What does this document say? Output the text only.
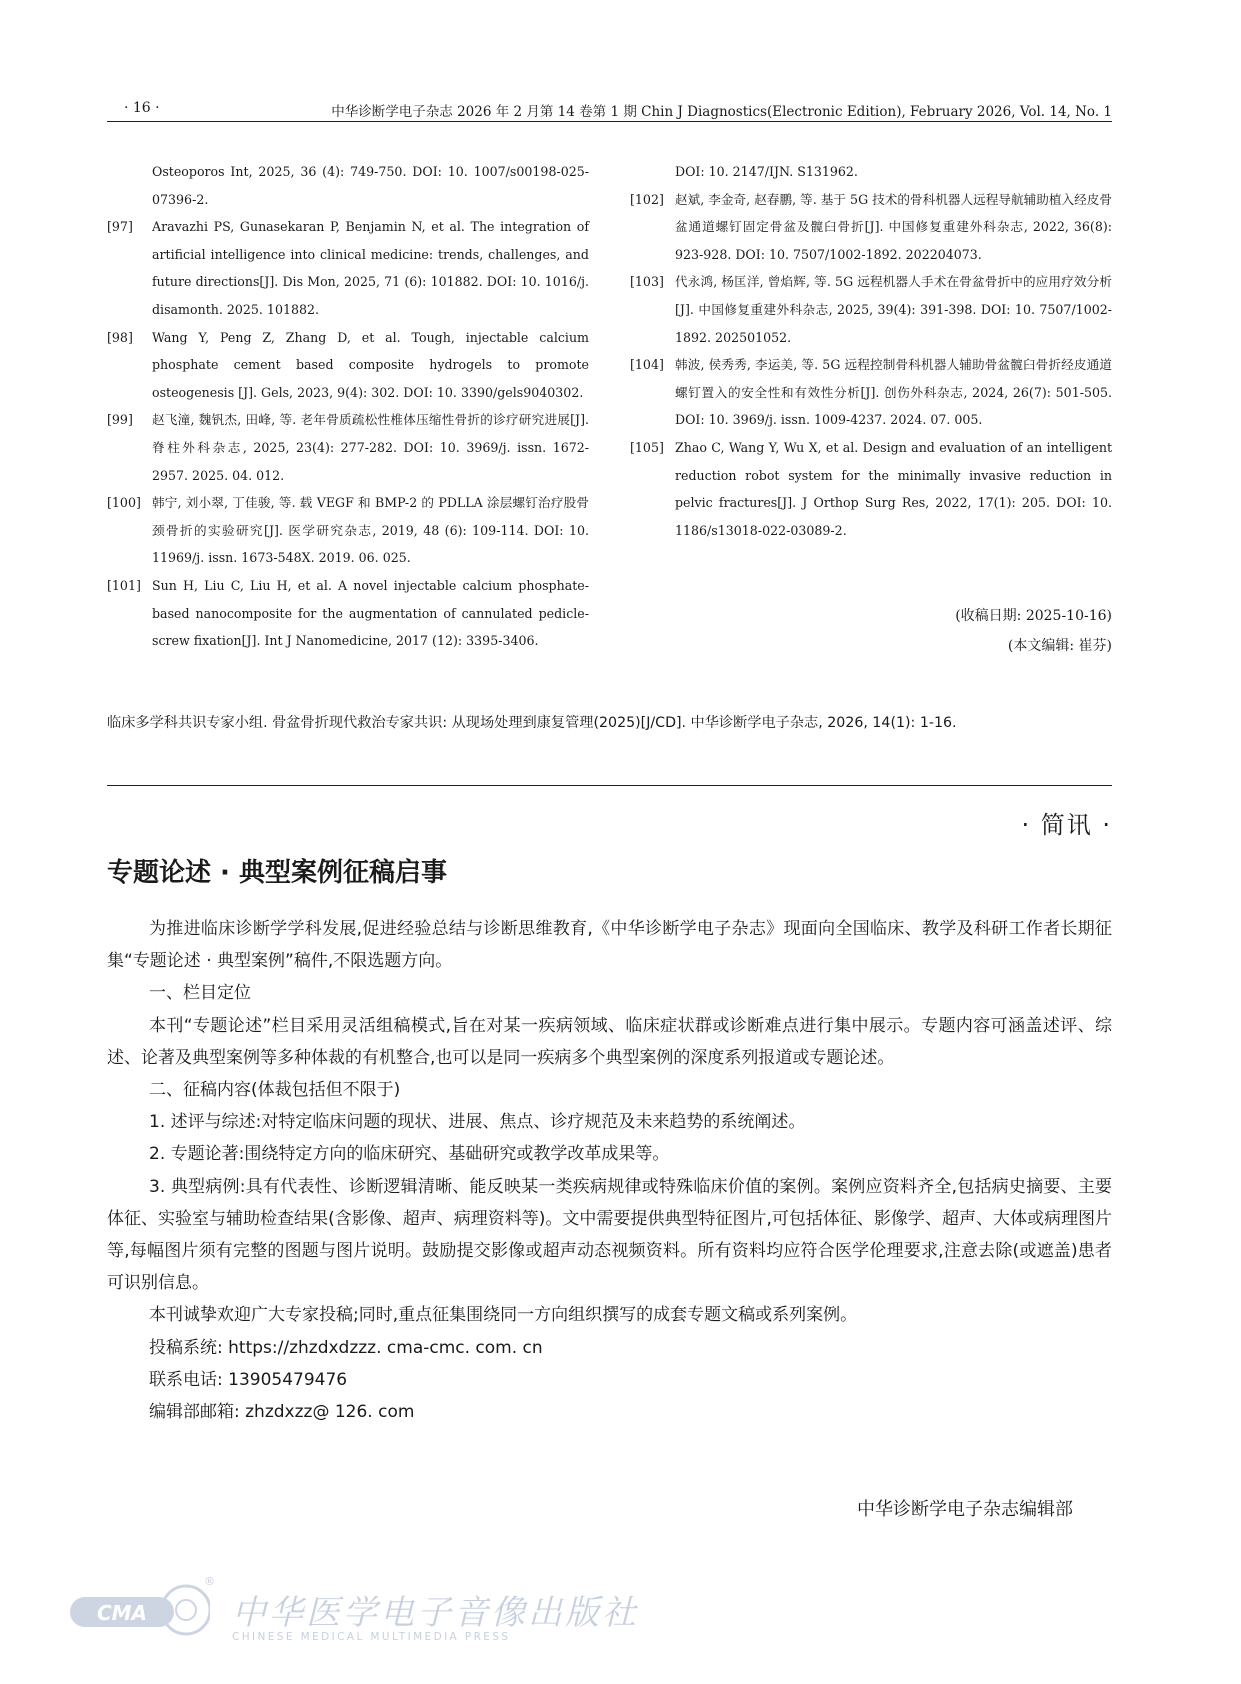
· 16 ·	中华诊断学电子杂志 2026 年 2 月第 14 卷第 1 期 Chin J Diagnostics(Electronic Edition), February 2026, Vol. 14, No. 1
Osteoporos Int, 2025, 36 (4): 749-750. DOI: 10. 1007/s00198-025-07396-2.
[97]	Aravazhi PS, Gunasekaran P, Benjamin N, et al. The integration of artificial intelligence into clinical medicine: trends, challenges, and future directions[J]. Dis Mon, 2025, 71 (6): 101882. DOI: 10. 1016/j. disamonth. 2025. 101882.
[98]	Wang Y, Peng Z, Zhang D, et al. Tough, injectable calcium phosphate cement based composite hydrogels to promote osteogenesis [J]. Gels, 2023, 9(4): 302. DOI: 10. 3390/gels9040302.
[99]	赵飞潼, 魏钒杰, 田峰, 等. 老年骨质疏松性椎体压缩性骨折的诊疗研究进展[J]. 脊柱外科杂志, 2025, 23(4): 277-282. DOI: 10. 3969/j. issn. 1672-2957. 2025. 04. 012.
[100] 韩宁, 刘小翠, 丁佳骏, 等. 载 VEGF 和 BMP-2 的 PDLLA 涂层螺钉治疗股骨颈骨折的实验研究[J]. 医学研究杂志, 2019, 48 (6): 109-114. DOI: 10. 11969/j. issn. 1673-548X. 2019. 06. 025.
[101] Sun H, Liu C, Liu H, et al. A novel injectable calcium phosphate-based nanocomposite for the augmentation of cannulated pedicle-screw fixation[J]. Int J Nanomedicine, 2017 (12): 3395-3406.
DOI: 10. 2147/IJN. S131962.
[102] 赵斌, 李金奇, 赵春鹏, 等. 基于 5G 技术的骨科机器人远程导航辅助植入经皮骨盆通道螺钉固定骨盆及髋臼骨折[J]. 中国修复重建外科杂志, 2022, 36(8): 923-928. DOI: 10. 7507/1002-1892. 202204073.
[103] 代永鸿, 杨匡洋, 曾焰辉, 等. 5G 远程机器人手术在骨盆骨折中的应用疗效分析[J]. 中国修复重建外科杂志, 2025, 39(4): 391-398. DOI: 10. 7507/1002-1892. 202501052.
[104] 韩波, 侯秀秀, 李运美, 等. 5G 远程控制骨科机器人辅助骨盆髋臼骨折经皮通道螺钉置入的安全性和有效性分析[J]. 创伤外科杂志, 2024, 26(7): 501-505. DOI: 10. 3969/j. issn. 1009-4237. 2024. 07. 005.
[105] Zhao C, Wang Y, Wu X, et al. Design and evaluation of an intelligent reduction robot system for the minimally invasive reduction in pelvic fractures[J]. J Orthop Surg Res, 2022, 17(1): 205. DOI: 10. 1186/s13018-022-03089-2.
(收稿日期: 2025-10-16)
(本文编辑: 崔芬)
临床多学科共识专家小组. 骨盆骨折现代救治专家共识: 从现场处理到康复管理(2025)[J/CD]. 中华诊断学电子杂志, 2026, 14(1): 1-16.
· 简讯 ·
专题论述 · 典型案例征稿启事
为推进临床诊断学学科发展,促进经验总结与诊断思维教育,《中华诊断学电子杂志》现面向全国临床、教学及科研工作者长期征集“专题论述 · 典型案例”稿件,不限选题方向。
一、栏目定位
本刊“专题论述”栏目采用灵活组稿模式,旨在对某一疾病领域、临床症状群或诊断难点进行集中展示。专题内容可涵盖述评、综述、论著及典型案例等多种体裁的有机整合,也可以是同一疾病多个典型案例的深度系列报道或专题论述。
二、征稿内容(体裁包括但不限于)
1. 述评与综述:对特定临床问题的现状、进展、焦点、诊疗规范及未来趋势的系统阐述。
2. 专题论著:围绕特定方向的临床研究、基础研究或教学改革成果等。
3. 典型病例:具有代表性、诊断逻辑清晰、能反映某一类疾病规律或特殊临床价值的案例。案例应资料齐全,包括病史摘要、主要体征、实验室与辅助检查结果(含影像、超声、病理资料等)。文中需要提供典型特征图片,可包括体征、影像学、超声、大体或病理图片等,每幅图片须有完整的图题与图片说明。鼓励提交影像或超声动态视频资料。所有资料均应符合医学伦理要求,注意去除(或遮盖)患者可识别信息。
本刊诚挚欢迎广大专家投稿;同时,重点征集围绕同一方向组织撰写的成套专题文稿或系列案例。
投稿系统: https://zhzdxdzzz. cma-cmc. com. cn
联系电话: 13905479476
编辑部邮箱: zhzdxzz@ 126. com
中华诊断学电子杂志编辑部
CMA
®
中华医学电子音像出版社
CHINESE MEDICAL MULTIMEDIA PRESS
